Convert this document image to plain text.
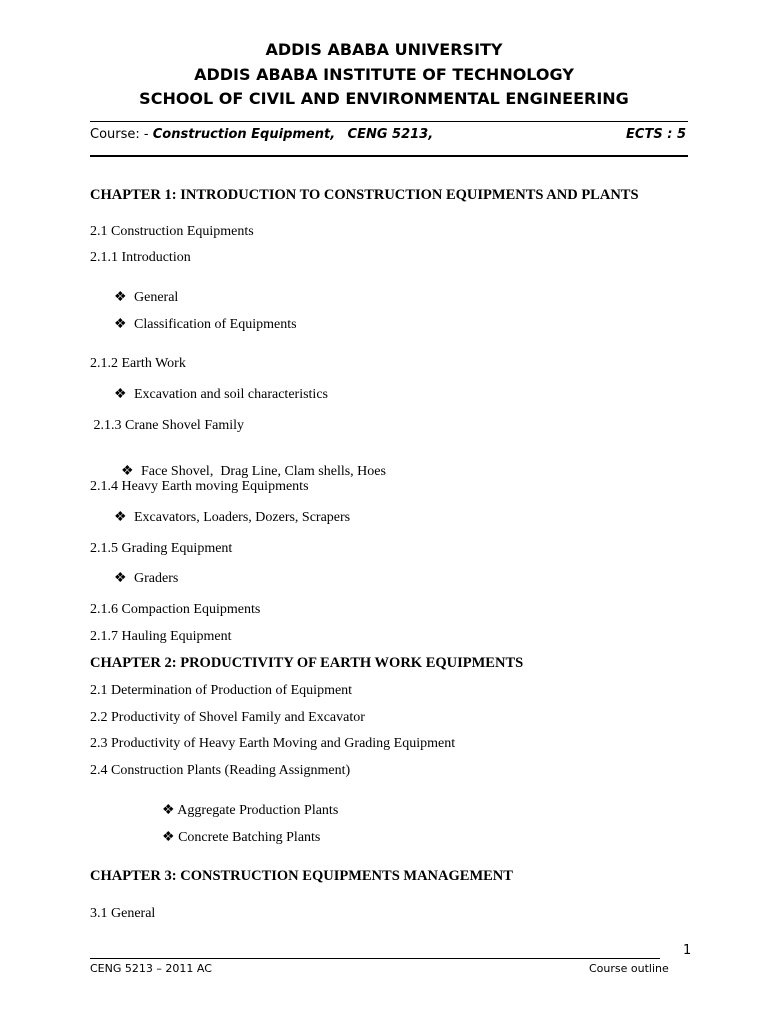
ADDIS ABABA UNIVERSITY
ADDIS ABABA INSTITUTE OF TECHNOLOGY
SCHOOL OF CIVIL AND ENVIRONMENTAL ENGINEERING
Course: - Construction Equipment, CENG 5213,	ECTS : 5
CHAPTER 1: INTRODUCTION TO CONSTRUCTION EQUIPMENTS AND PLANTS
2.1 Construction Equipments
2.1.1 Introduction
❖ General
❖ Classification of Equipments
2.1.2 Earth Work
❖ Excavation and soil characteristics
2.1.3 Crane Shovel Family

❖ Face Shovel,  Drag Line, Clam shells, Hoes

2.1.4 Heavy Earth moving Equipments
❖ Excavators, Loaders, Dozers, Scrapers
2.1.5 Grading Equipment
❖ Graders
2.1.6 Compaction Equipments
2.1.7 Hauling Equipment
CHAPTER 2: PRODUCTIVITY OF EARTH WORK EQUIPMENTS
2.1 Determination of Production of Equipment
2.2 Productivity of Shovel Family and Excavator
2.3 Productivity of Heavy Earth Moving and Grading Equipment
2.4 Construction Plants (Reading Assignment)
❖ Aggregate Production Plants
❖ Concrete Batching Plants
CHAPTER 3: CONSTRUCTION EQUIPMENTS MANAGEMENT
3.1 General
1
CENG 5213 – 2011 AC	Course outline
